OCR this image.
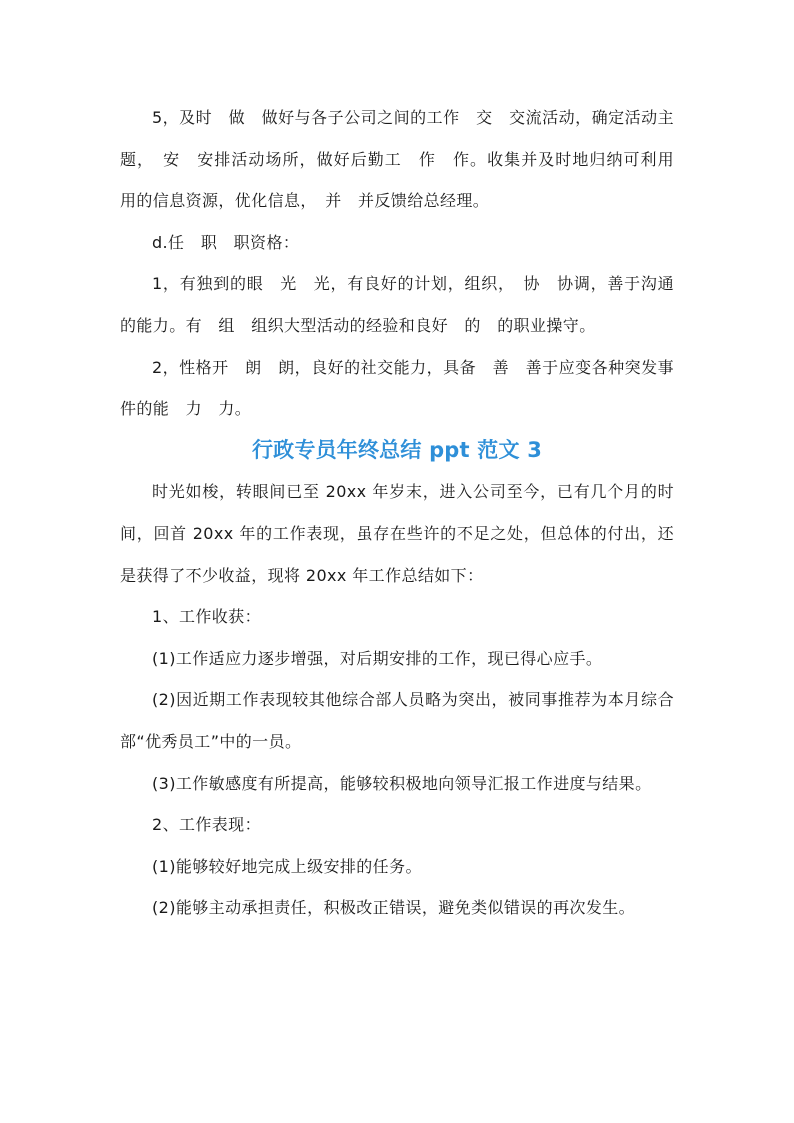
5，及时　做　做好与各子公司之间的工作　交　交流活动，确定活动主题，　安　安排活动场所，做好后勤工　作　作。收集并及时地归纳可利用　用的信息资源，优化信息，　并　并反馈给总经理。

d.任　职　职资格：

1，有独到的眼　光　光，有良好的计划，组织，　协　协调，善于沟通的能力。有　组　组织大型活动的经验和良好　的　的职业操守。

2，性格开　朗　朗，良好的社交能力，具备　善　善于应变各种突发事件的能　力　力。

行政专员年终总结 ppt 范文 3

时光如梭，转眼间已至 20xx 年岁末，进入公司至今，已有几个月的时间，回首 20xx 年的工作表现，虽存在些许的不足之处，但总体的付出，还是获得了不少收益，现将 20xx 年工作总结如下：

1、工作收获：

(1)工作适应力逐步增强，对后期安排的工作，现已得心应手。

(2)因近期工作表现较其他综合部人员略为突出，被同事推荐为本月综合部“优秀员工”中的一员。

(3)工作敏感度有所提高，能够较积极地向领导汇报工作进度与结果。

2、工作表现：

(1)能够较好地完成上级安排的任务。

(2)能够主动承担责任，积极改正错误，避免类似错误的再次发生。
